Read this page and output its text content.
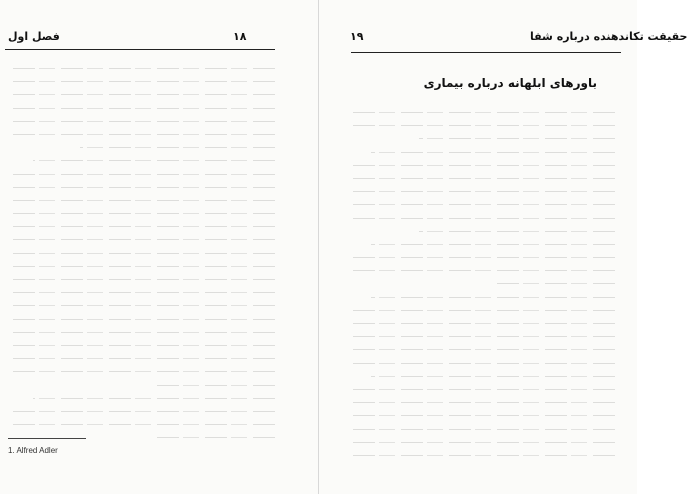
۱۸
فصل اول
1. Alfred Adler
۱۹	حقیقت تکاندهنده درباره شفا
باورهای ابلهانه درباره بیماری
